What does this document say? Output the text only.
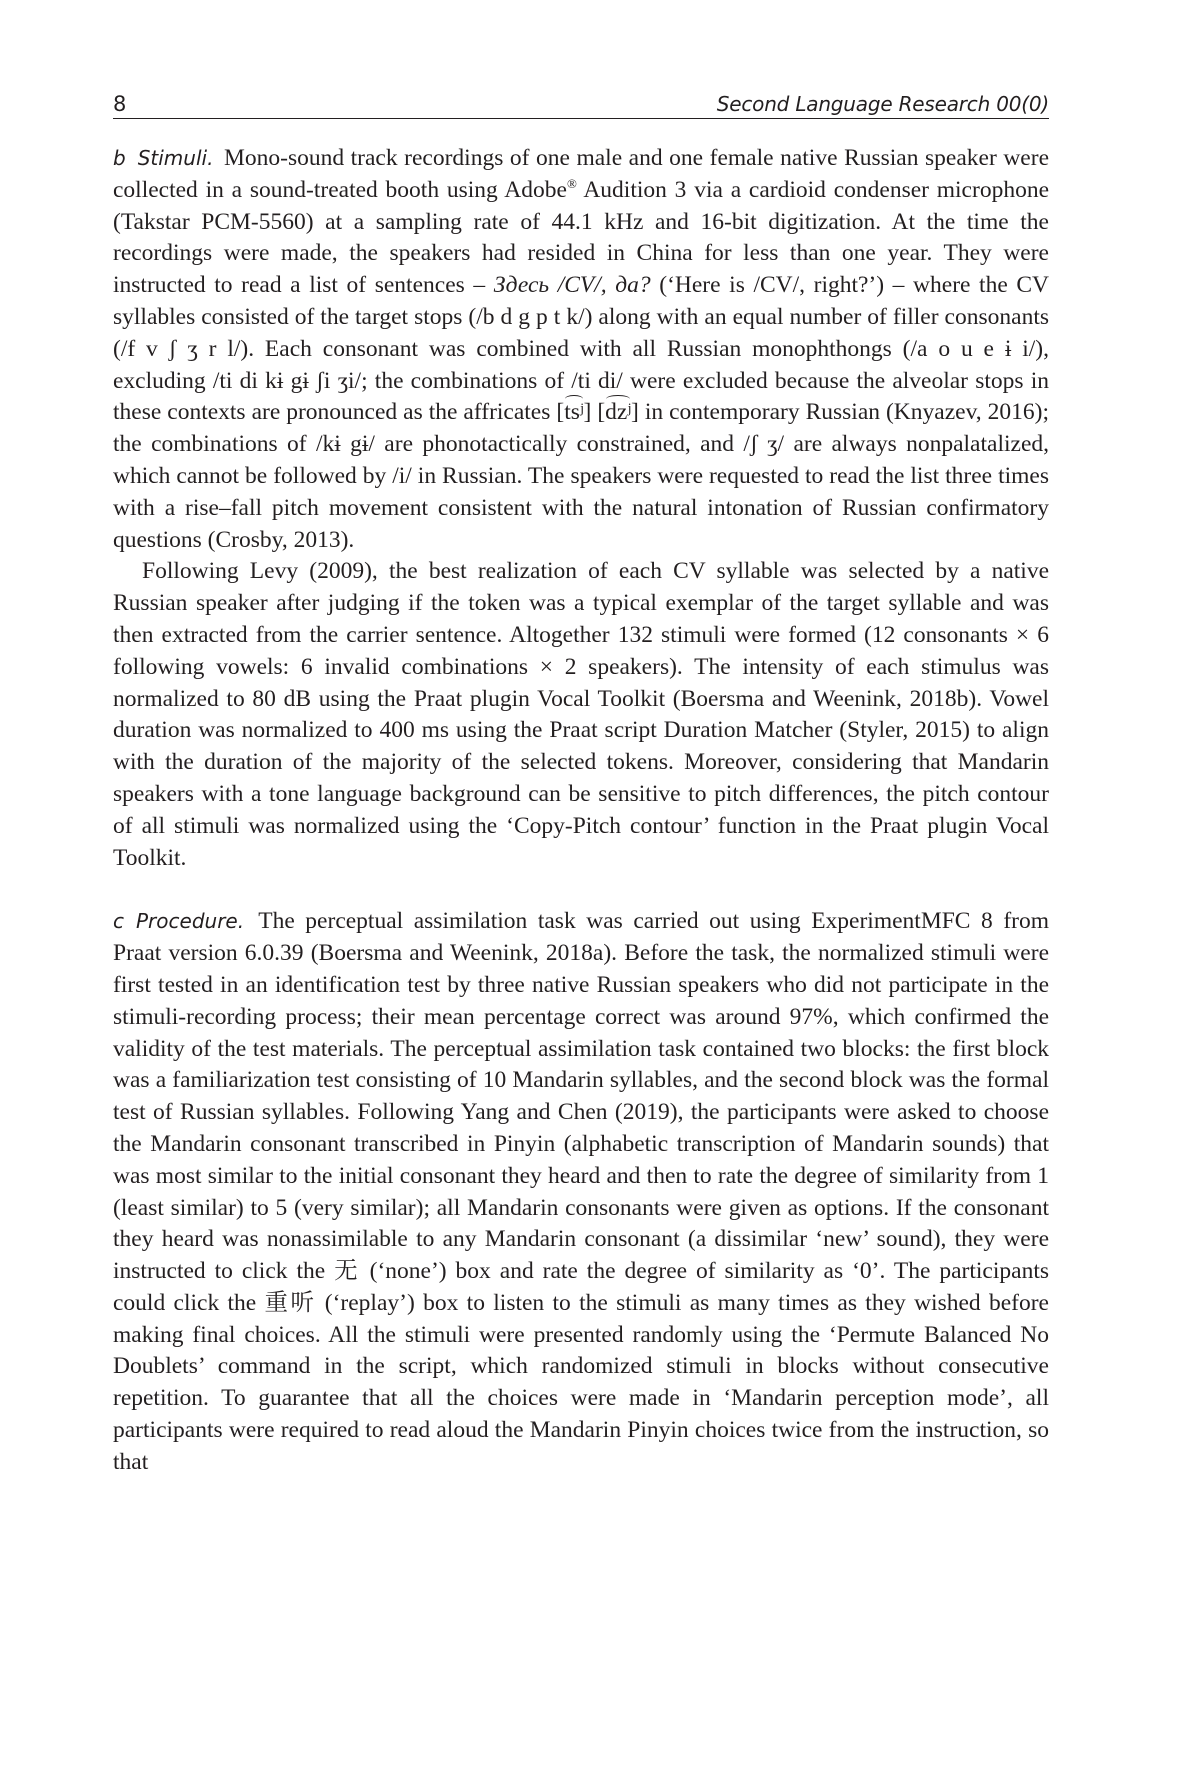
8	Second Language Research 00(0)

b Stimuli. Mono-sound track recordings of one male and one female native Russian speaker were collected in a sound-treated booth using Adobe® Audition 3 via a cardioid condenser microphone (Takstar PCM-5560) at a sampling rate of 44.1 kHz and 16-bit digitization. At the time the recordings were made, the speakers had resided in China for less than one year. They were instructed to read a list of sentences – Здесь /CV/, да? (‘Here is /CV/, right?’) – where the CV syllables consisted of the target stops (/b d g p t k/) along with an equal number of filler consonants (/f v ʃ ʒ r l/). Each consonant was combined with all Russian monophthongs (/a o u e ɨ i/), excluding /ti di kɨ gɨ ʃi ʒi/; the combinations of /ti di/ were excluded because the alveolar stops in these contexts are pronounced as the affricates [tsʲ] [dzʲ] in contemporary Russian (Knyazev, 2016); the combinations of /kɨ gɨ/ are phonotactically constrained, and /ʃ ʒ/ are always nonpalatalized, which cannot be followed by /i/ in Russian. The speakers were requested to read the list three times with a rise–fall pitch movement consistent with the natural intonation of Russian confirmatory questions (Crosby, 2013).

Following Levy (2009), the best realization of each CV syllable was selected by a native Russian speaker after judging if the token was a typical exemplar of the target syllable and was then extracted from the carrier sentence. Altogether 132 stimuli were formed (12 consonants × 6 following vowels: 6 invalid combinations × 2 speakers). The intensity of each stimulus was normalized to 80 dB using the Praat plugin Vocal Toolkit (Boersma and Weenink, 2018b). Vowel duration was normalized to 400 ms using the Praat script Duration Matcher (Styler, 2015) to align with the duration of the majority of the selected tokens. Moreover, considering that Mandarin speakers with a tone language background can be sensitive to pitch differences, the pitch contour of all stimuli was normalized using the ‘Copy-Pitch contour’ function in the Praat plugin Vocal Toolkit.

c Procedure. The perceptual assimilation task was carried out using ExperimentMFC 8 from Praat version 6.0.39 (Boersma and Weenink, 2018a). Before the task, the normalized stimuli were first tested in an identification test by three native Russian speakers who did not participate in the stimuli-recording process; their mean percentage correct was around 97%, which confirmed the validity of the test materials. The perceptual assimilation task contained two blocks: the first block was a familiarization test consisting of 10 Mandarin syllables, and the second block was the formal test of Russian syllables. Following Yang and Chen (2019), the participants were asked to choose the Mandarin consonant transcribed in Pinyin (alphabetic transcription of Mandarin sounds) that was most similar to the initial consonant they heard and then to rate the degree of similarity from 1 (least similar) to 5 (very similar); all Mandarin consonants were given as options. If the consonant they heard was nonassimilable to any Mandarin consonant (a dissimilar ‘new’ sound), they were instructed to click the 无 (‘none’) box and rate the degree of similarity as ‘0’. The participants could click the 重听 (‘replay’) box to listen to the stimuli as many times as they wished before making final choices. All the stimuli were presented randomly using the ‘Permute Balanced No Doublets’ command in the script, which randomized stimuli in blocks without consecutive repetition. To guarantee that all the choices were made in ‘Mandarin perception mode’, all participants were required to read aloud the Mandarin Pinyin choices twice from the instruction, so that
